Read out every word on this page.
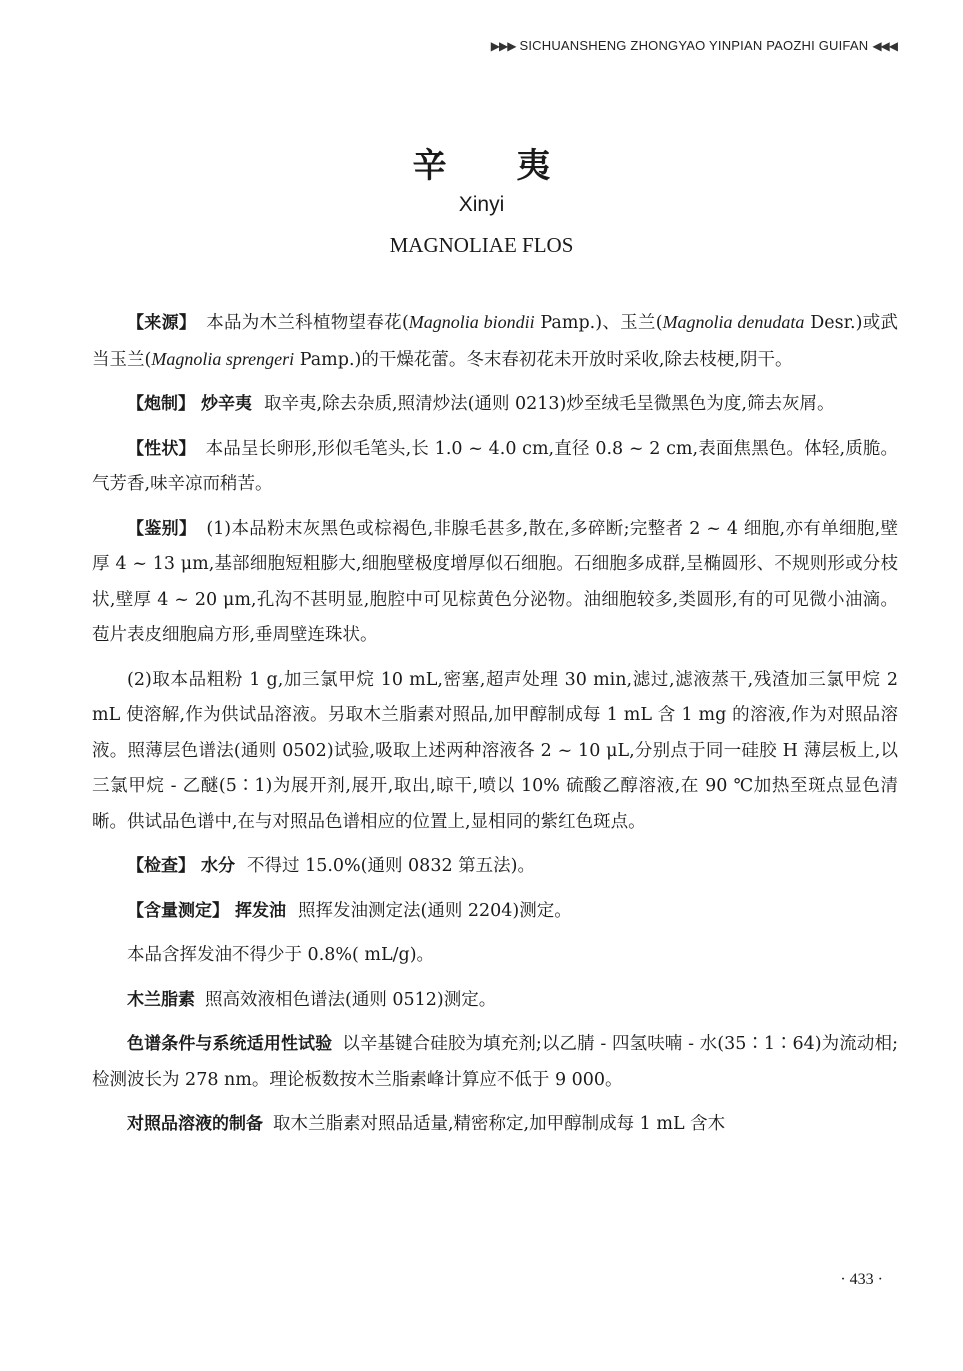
▶▶▶ SICHUANSHENG ZHONGYAO YINPIAN PAOZHI GUIFAN ◀◀◀
辛夷
Xinyi
MAGNOLIAE FLOS

【来源】 本品为木兰科植物望春花(Magnolia biondii Pamp.)、玉兰(Magnolia denudata Desr.)或武当玉兰(Magnolia sprengeri Pamp.)的干燥花蕾。冬末春初花未开放时采收,除去枝梗,阴干。

【炮制】 炒辛夷 取辛夷,除去杂质,照清炒法(通则 0213)炒至绒毛呈微黑色为度,筛去灰屑。

【性状】 本品呈长卵形,形似毛笔头,长 1.0 ~ 4.0 cm,直径 0.8 ~ 2 cm,表面焦黑色。体轻,质脆。气芳香,味辛凉而稍苦。

【鉴别】 (1)本品粉末灰黑色或棕褐色,非腺毛甚多,散在,多碎断;完整者 2 ~ 4 细胞,亦有单细胞,壁厚 4 ~ 13 μm,基部细胞短粗膨大,细胞壁极度增厚似石细胞。石细胞多成群,呈椭圆形、不规则形或分枝状,壁厚 4 ~ 20 μm,孔沟不甚明显,胞腔中可见棕黄色分泌物。油细胞较多,类圆形,有的可见微小油滴。苞片表皮细胞扁方形,垂周壁连珠状。

(2)取本品粗粉 1 g,加三氯甲烷 10 mL,密塞,超声处理 30 min,滤过,滤液蒸干,残渣加三氯甲烷 2 mL 使溶解,作为供试品溶液。另取木兰脂素对照品,加甲醇制成每 1 mL 含 1 mg 的溶液,作为对照品溶液。照薄层色谱法(通则 0502)试验,吸取上述两种溶液各 2 ~ 10 μL,分别点于同一硅胶 H 薄层板上,以三氯甲烷 - 乙醚(5∶1)为展开剂,展开,取出,晾干,喷以 10% 硫酸乙醇溶液,在 90 ℃加热至斑点显色清晰。供试品色谱中,在与对照品色谱相应的位置上,显相同的紫红色斑点。

【检查】 水分 不得过 15.0%(通则 0832 第五法)。

【含量测定】 挥发油 照挥发油测定法(通则 2204)测定。

本品含挥发油不得少于 0.8%( mL/g)。

木兰脂素 照高效液相色谱法(通则 0512)测定。

色谱条件与系统适用性试验 以辛基键合硅胶为填充剂;以乙腈 - 四氢呋喃 - 水(35∶1∶64)为流动相;检测波长为 278 nm。理论板数按木兰脂素峰计算应不低于 9 000。

对照品溶液的制备 取木兰脂素对照品适量,精密称定,加甲醇制成每 1 mL 含木

· 433 ·
